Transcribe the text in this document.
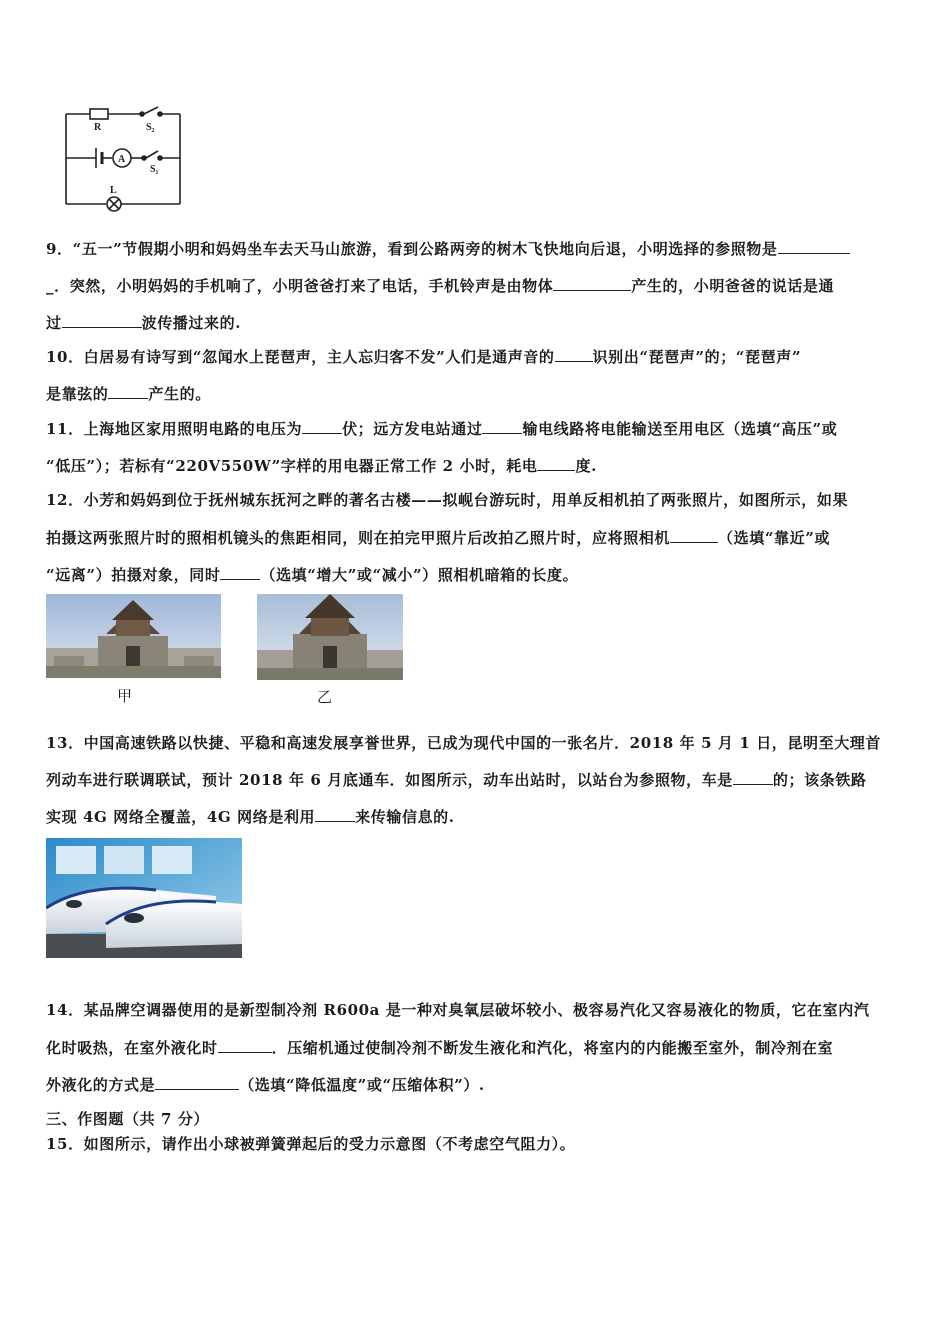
R	S₂
A
S₁
L
9．“五一”节假期小明和妈妈坐车去天马山旅游，看到公路两旁的树木飞快地向后退，小明选择的参照物是
_．突然，小明妈妈的手机响了，小明爸爸打来了电话，手机铃声是由物体	产生的，小明爸爸的说话是通
过	波传播过来的.
10．白居易有诗写到“忽闻水上琵琶声，主人忘归客不发”人们是通声音的	识别出“琵琶声”的；“琵琶声”
是靠弦的	产生的。
11．上海地区家用照明电路的电压为	伏；远方发电站通过	输电线路将电能输送至用电区（选填“高压”或
“低压”）；若标有“220V550W”字样的用电器正常工作 2 小时，耗电	度.
12．小芳和妈妈到位于抚州城东抚河之畔的著名古楼——拟岘台游玩时，用单反相机拍了两张照片，如图所示，如果
拍摄这两张照片时的照相机镜头的焦距相同，则在拍完甲照片后改拍乙照片时，应将照相机	（选填“靠近”或
“远离”）拍摄对象，同时	（选填“增大”或“减小”）照相机暗箱的长度。
甲	乙
13．中国高速铁路以快捷、平稳和高速发展享誉世界，已成为现代中国的一张名片．2018 年 5 月 1 日，昆明至大理首
列动车进行联调联试，预计 2018 年 6 月底通车．如图所示，动车出站时，以站台为参照物，车是	的；该条铁路
实现 4G 网络全覆盖，4G 网络是利用	来传输信息的.
14．某品牌空调器使用的是新型制冷剂 R600a 是一种对臭氧层破坏较小、极容易汽化又容易液化的物质，它在室内汽
化时吸热，在室外液化时	．压缩机通过使制冷剂不断发生液化和汽化，将室内的内能搬至室外，制冷剂在室
外液化的方式是	（选填“降低温度”或“压缩体积”）.
三、作图题（共 7 分）
15．如图所示，请作出小球被弹簧弹起后的受力示意图（不考虑空气阻力）。
